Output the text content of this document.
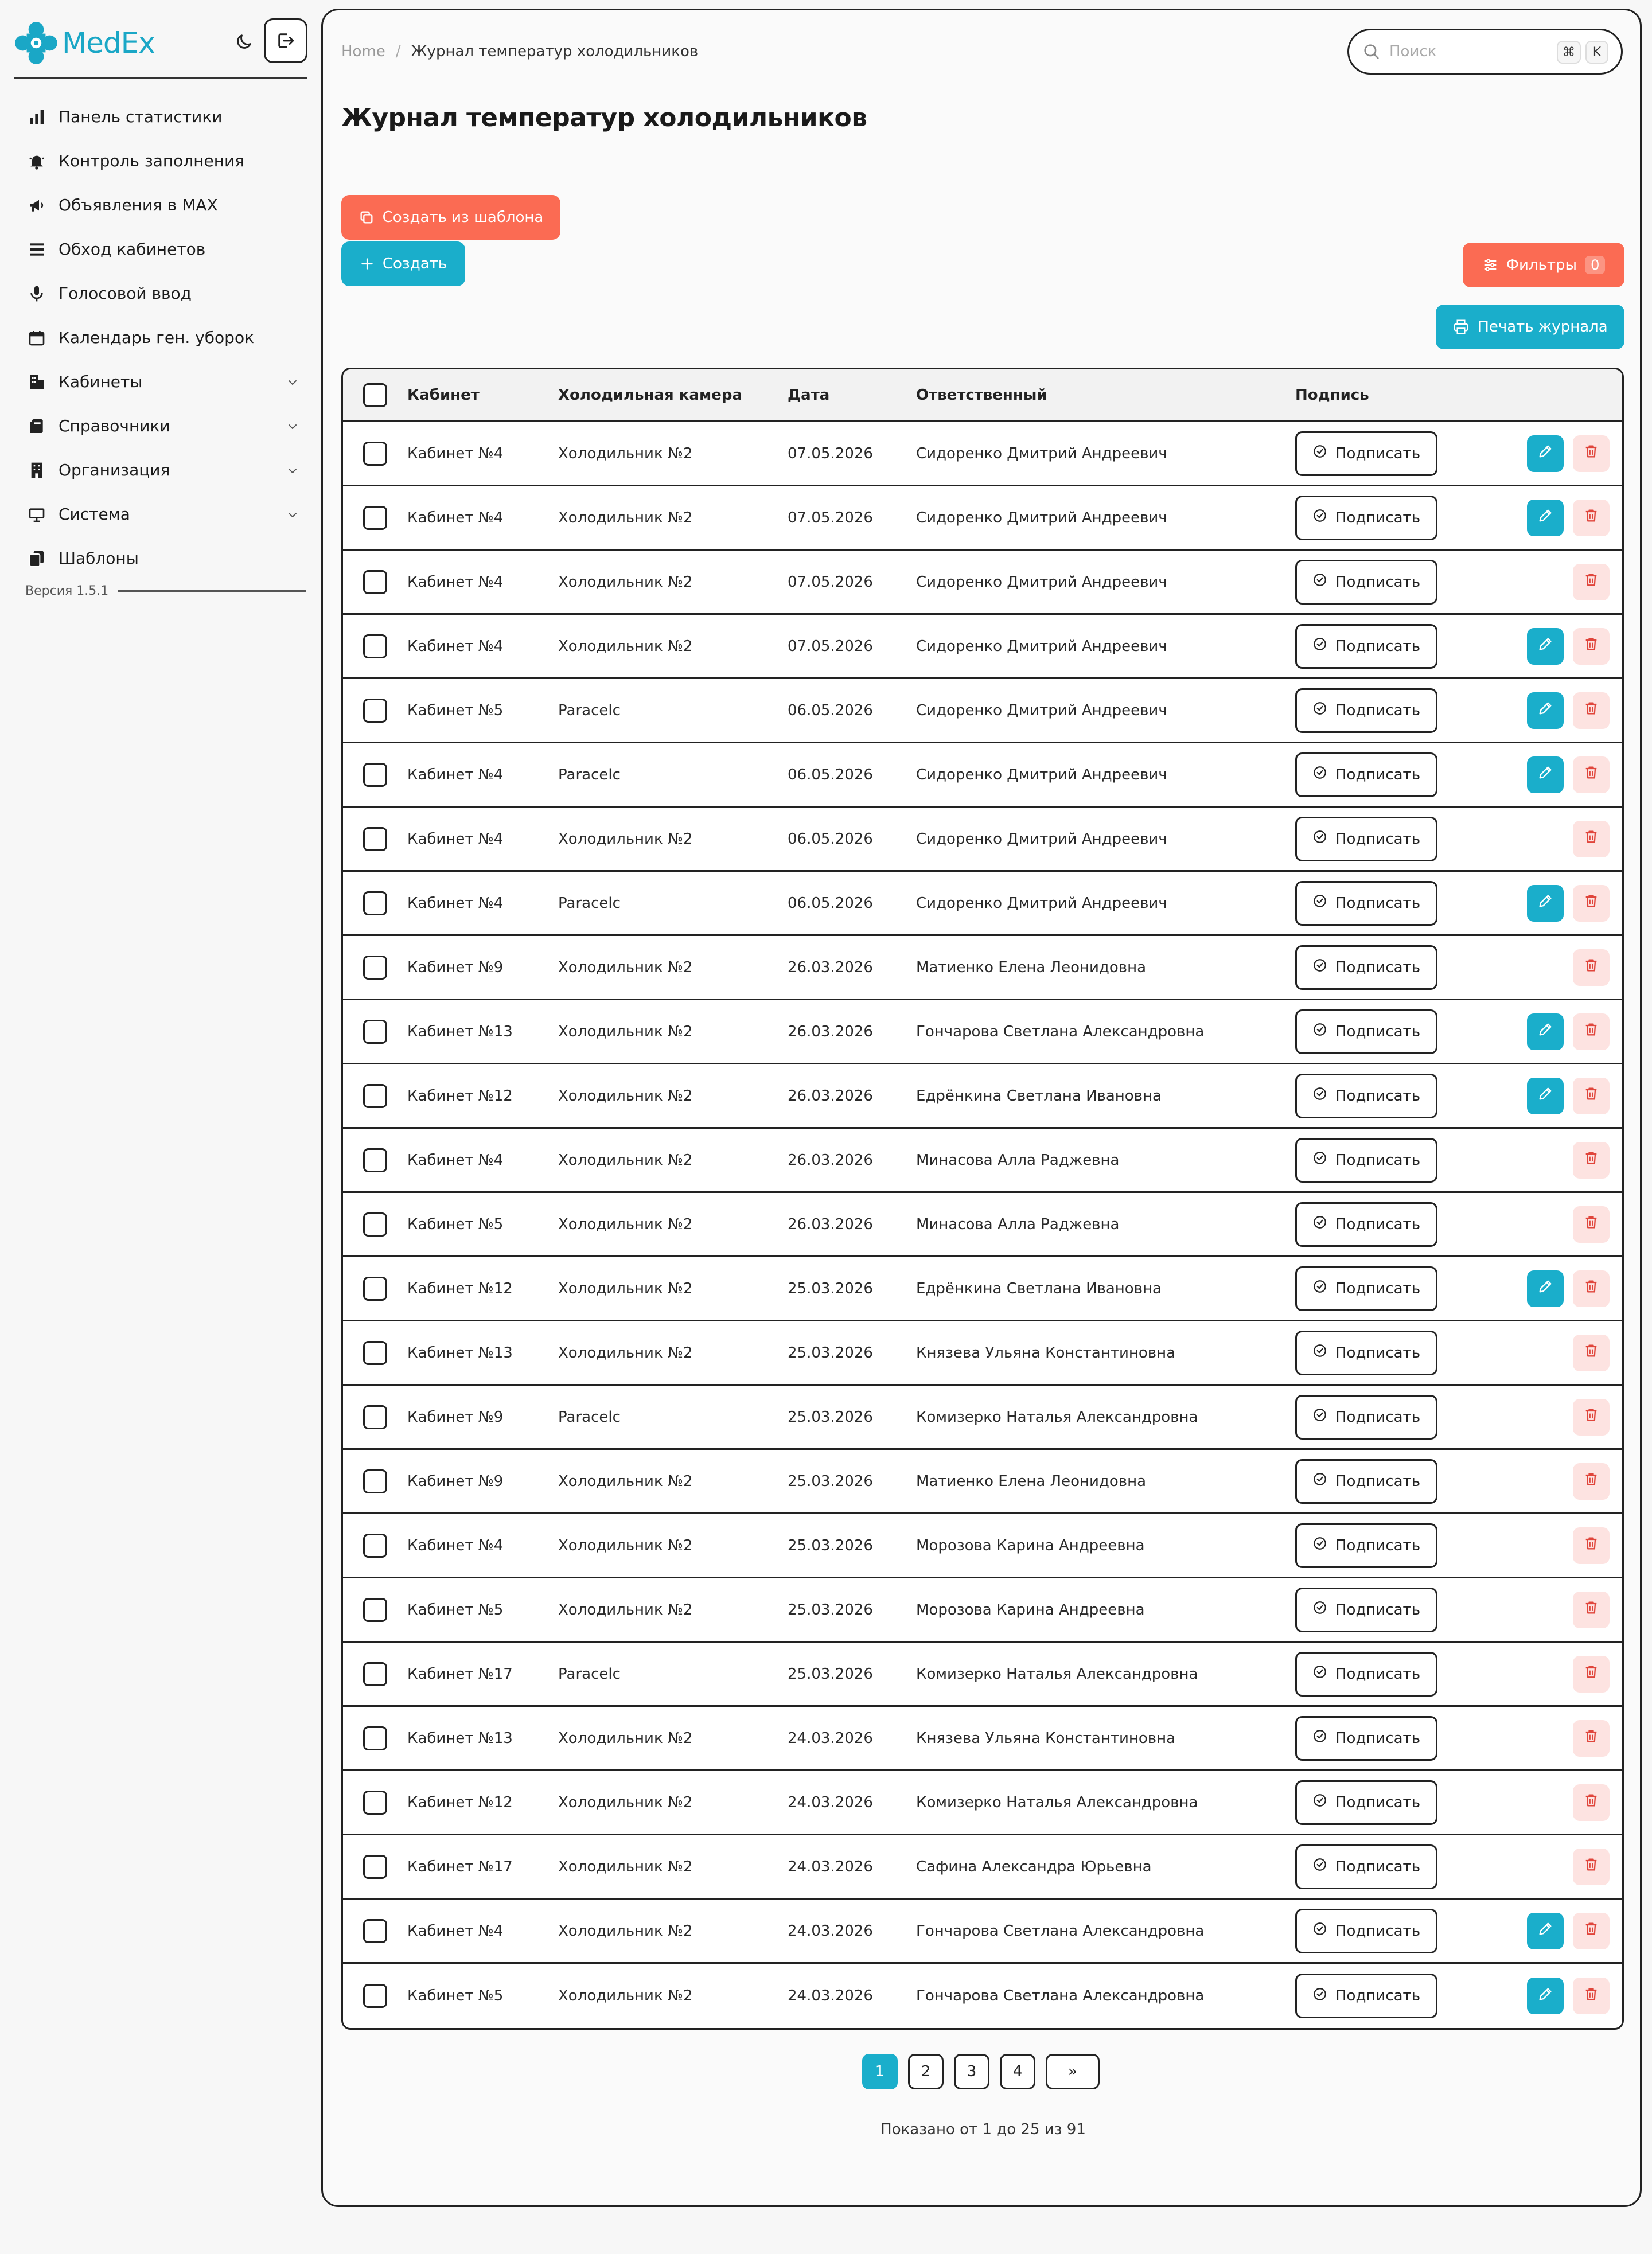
MedEx
Панель статистики
Контроль заполнения
Объявления в MAX
Обход кабинетов
Голосовой ввод
Календарь ген. уборок
Кабинеты
Справочники
Организация
Система
Шаблоны
Версия 1.5.1
Home / Журнал температур холодильников
Поиск	⌘	K
Журнал температур холодильников
Создать из шаблона
Создать	Фильтры	0
Печать журнала
Кабинет	Холодильная камера	Дата	Ответственный	Подпись
Кабинет №4	Холодильник №2	07.05.2026	Сидоренко Дмитрий Андреевич	Подписать
Кабинет №4	Холодильник №2	07.05.2026	Сидоренко Дмитрий Андреевич	Подписать
Кабинет №4	Холодильник №2	07.05.2026	Сидоренко Дмитрий Андреевич	Подписать
Кабинет №4	Холодильник №2	07.05.2026	Сидоренко Дмитрий Андреевич	Подписать
Кабинет №5	Paracelc	06.05.2026	Сидоренко Дмитрий Андреевич	Подписать
Кабинет №4	Paracelc	06.05.2026	Сидоренко Дмитрий Андреевич	Подписать
Кабинет №4	Холодильник №2	06.05.2026	Сидоренко Дмитрий Андреевич	Подписать
Кабинет №4	Paracelc	06.05.2026	Сидоренко Дмитрий Андреевич	Подписать
Кабинет №9	Холодильник №2	26.03.2026	Матиенко Елена Леонидовна	Подписать
Кабинет №13	Холодильник №2	26.03.2026	Гончарова Светлана Александровна	Подписать
Кабинет №12	Холодильник №2	26.03.2026	Едрёнкина Светлана Ивановна	Подписать
Кабинет №4	Холодильник №2	26.03.2026	Минасова Алла Раджевна	Подписать
Кабинет №5	Холодильник №2	26.03.2026	Минасова Алла Раджевна	Подписать
Кабинет №12	Холодильник №2	25.03.2026	Едрёнкина Светлана Ивановна	Подписать
Кабинет №13	Холодильник №2	25.03.2026	Князева Ульяна Константиновна	Подписать
Кабинет №9	Paracelc	25.03.2026	Комизерко Наталья Александровна	Подписать
Кабинет №9	Холодильник №2	25.03.2026	Матиенко Елена Леонидовна	Подписать
Кабинет №4	Холодильник №2	25.03.2026	Морозова Карина Андреевна	Подписать
Кабинет №5	Холодильник №2	25.03.2026	Морозова Карина Андреевна	Подписать
Кабинет №17	Paracelc	25.03.2026	Комизерко Наталья Александровна	Подписать
Кабинет №13	Холодильник №2	24.03.2026	Князева Ульяна Константиновна	Подписать
Кабинет №12	Холодильник №2	24.03.2026	Комизерко Наталья Александровна	Подписать
Кабинет №17	Холодильник №2	24.03.2026	Сафина Александра Юрьевна	Подписать
Кабинет №4	Холодильник №2	24.03.2026	Гончарова Светлана Александровна	Подписать
Кабинет №5	Холодильник №2	24.03.2026	Гончарова Светлана Александровна	Подписать
1	2	3	4	»
Показано от 1 до 25 из 91
